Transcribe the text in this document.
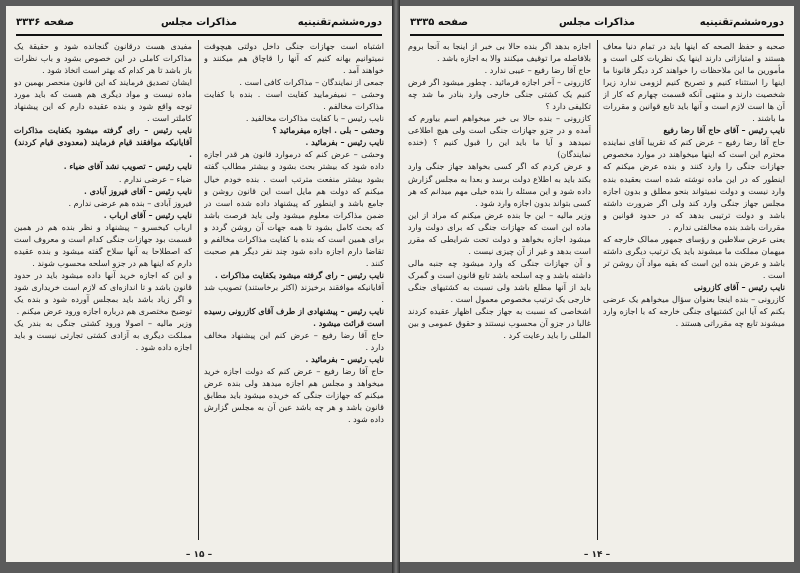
دوره‌ششم‌تقنینیه
مذاکرات مجلس
صفحه ۳۳۳۶

اشتباه است جهازات جنگی داخل دولتی هیچوقت نمیتوانیم بهانه کنیم که آنها را قاچاق هم میکنند و خواهند آمد .

جمعی از نمایندگان – مذاکرات کافی است .

وحشی – نمیفرمایید کفایت است . بنده با کفایت مذاکرات مخالفم .

نایب رئیس – با کفایت مذاکرات مخالفید .

وحشی – بلی . اجازه میفرمائید ؟

نایب رئیس – بفرمائید .

وحشی – عرض کنم که درموارد قانون هر قدر اجازه داده شود که بیشتر بحث بشود و بیشتر مطالب گفته بشود بیشتر منفعت مترتب است . بنده خودم خیال میکنم که دولت هم مایل است این قانون روشن و جامع باشد و اینطور که پیشنهاد داده شده است در ضمن مذاکرات معلوم میشود ولی باید فرصت باشد که بحث کامل بشود تا همه جهات آن روشن گردد و برای همین است که بنده با کفایت مذاکرات مخالفم و تقاضا دارم اجازه داده شود چند نفر دیگر هم صحبت کنند .

نایب رئیس – رای گرفته میشود بکفایت مذاکرات .

آقایانیکه موافقند برخیزند (اکثر برخاستند) تصویب شد .

نایب رئیس – پیشنهادی از طرف آقای کازرونی رسیده است قرائت میشود .

حاج آقا رضا رفیع – عرض کنم این پیشنهاد مخالف دارد .

نایب رئیس – بفرمائید .

حاج آقا رضا رفیع – عرض کنم که دولت اجازه خرید میخواهد و مجلس هم اجازه میدهد ولی بنده عرض میکنم که جهازات جنگی که خریده میشود باید مطابق قانون باشد و هر چه باشد عین آن به مجلس گزارش داده شود .

مفیدی هست درقانون گنجانده شود و حقیقة یک مذاکرات کاملی در این خصوص بشود و باب نظرات باز باشد تا هر کدام که بهتر است اتخاذ شود .

ایشان تصدیق فرمایند که این قانون منحصر بهمین دو ماده نیست و مواد دیگری هم هست که باید مورد توجه واقع شود و بنده عقیده دارم که این پیشنهاد کاملتر است .

نایب رئیس – رای گرفته میشود بکفایت مذاکرات آقایانیکه موافقند قیام فرمایند (معدودی قیام کردند) .

نایب رئیس – تصویب نشد آقای ضیاء .

ضیاء – عرضی ندارم .

نایب رئیس – آقای فیروز آبادی .

فیروز آبادی – بنده هم عرضی ندارم .

نایب رئیس – آقای ارباب .

ارباب کیخسرو – پیشنهاد و نظر بنده هم در همین قسمت بود جهازات جنگی کدام است و معروف است که اصطلاحا به آنها سلاح گفته میشود و بنده عقیده دارم که اینها هم در جزو اسلحه محسوب شوند .

و این که اجازه خرید آنها داده میشود باید در حدود قانون باشد و تا اندازه‌ای که لازم است خریداری شود و اگر زیاد باشد باید بمجلس آورده شود و بنده یک توضیح مختصری هم درباره اجازه ورود عرض میکنم .

وزیر مالیه – اصولا ورود کشتی جنگی به بندر یک مملکت دیگری به آزادی کشتی تجارتی نیست و باید اجازه داده شود .

– ۱۵ –
دوره‌ششم‌تقنینیه
مذاکرات مجلس
صفحه ۳۳۳۵

صحبه و حفظ الصحه که اینها باید در تمام دنیا معاف هستند و امتیازاتی دارند اینها یک نظریات کلی است و مأمورین ما این ملاحظات را خواهند کرد دیگر قانونا ما اینها را استثناء کنیم و تصریح کنیم لزومی ندارد زیرا شخصیت دارند و منتهی آنکه قسمت چهارم که کار از آن ها است لازم است و آنها باید تابع قوانین و مقررات ما باشند .

نایب رئیس – آقای حاج آقا رضا رفیع

حاج آقا رضا رفیع – عرض کنم که تقریبا آقای نماینده محترم این است که اینها میخواهند در موارد مخصوص جهازات جنگی را وارد کنند و بنده عرض میکنم که اینطور که در این ماده نوشته شده است بعقیده بنده وارد نیست و دولت نمیتواند بنحو مطلق و بدون اجازه مجلس جهاز جنگی وارد کند ولی اگر ضرورت داشته باشد و دولت ترتیبی بدهد که در حدود قوانین و مقررات باشد بنده مخالفتی ندارم .

یعنی عرض سلاطین و رؤسای جمهور ممالک خارجه که میهمان مملکت ما میشوند باید یک ترتیب دیگری داشته باشد و عرض بنده این است که بقیه مواد آن روشن تر است .

نایب رئیس – آقای کازرونی

کازرونی – بنده اینجا بعنوان سؤال میخواهم یک عرضی بکنم که آیا این کشتیهای جنگی خارجه که با اجازه وارد میشوند تابع چه مقرراتی هستند .

اجازه بدهد اگر بنده حالا بی خبر از اینجا به آنجا بروم بلافاصله مرا توقیف میکنند والا به اجازه باشد .

حاج آقا رضا رفیع – عیبی ندارد .

کازرونی – آخر اجازه فرمائید . چطور میشود اگر فرض کنیم یک کشتی جنگی خارجی وارد بنادر ما شد چه تکلیفی دارد ؟

کازرونی – بنده حالا بی خبر میخواهم اسم بیاورم که آمده و در جزو جهازات جنگی است ولی هیچ اطلاعی نمیدهد و آیا ما باید این را قبول کنیم ؟ (خنده نمایندگان)

و عرض کردم که اگر کسی بخواهد جهاز جنگی وارد بکند باید به اطلاع دولت برسد و بعدا به مجلس گزارش داده شود و این مسئله را بنده خیلی مهم میدانم که هر کسی بتواند بدون اجازه وارد شود .

وزیر مالیه – این جا بنده عرض میکنم که مراد از این ماده این است که جهازات جنگی که برای دولت وارد میشود اجازه بخواهد و دولت تحت شرایطی که مقرر است بدهد و غیر از آن چیزی نیست .

و آن جهازات جنگی که وارد میشود چه جنبه مالی داشته باشد و چه اسلحه باشد تابع قانون است و گمرک باید از آنها مطلع باشد ولی نسبت به کشتیهای جنگی خارجی یک ترتیب مخصوص معمول است .

اشخاصی که نسبت به جهاز جنگی اظهار عقیده کردند غالبا در جزو آن محسوب نیستند و حقوق عمومی و بین المللی را باید رعایت کرد .

– ۱۴ –
